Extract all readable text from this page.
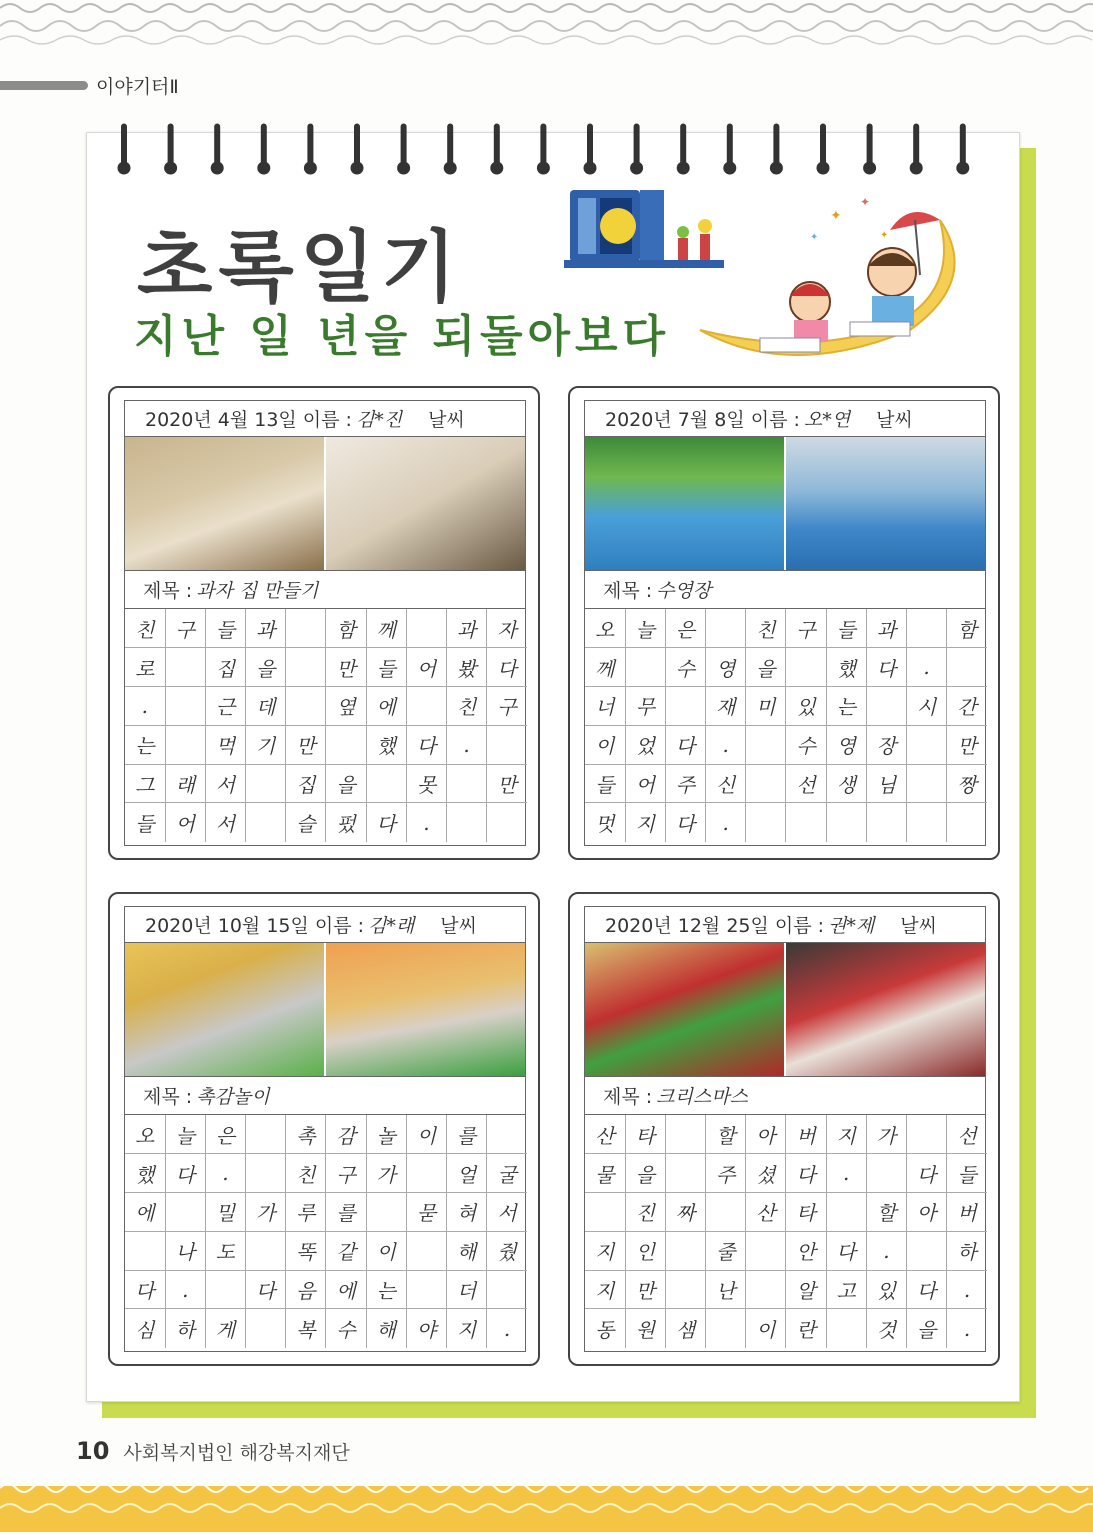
이야기터Ⅱ
초록일기
지난 일 년을 되돌아보다
✦
✦
✦	✦
2020년 4월 13일 이름 : 김*진 날씨
제목 : 과자 집 만들기
친	구	들	과		함	께		과	자
로		집	을		만	들	어	봤	다
.		근	데		옆	에		친	구
는		먹	기	만		했	다	.	
그	래	서		집	을		못		만
들	어	서		슬	펐	다	.		
2020년 7월 8일 이름 : 오*연 날씨
제목 : 수영장
오	늘	은		친	구	들	과		함
께		수	영	을		했	다	.	
너	무		재	미	있	는		시	간
이	었	다	.		수	영	장		만
들	어	주	신		선	생	님		짱
멋	지	다	.						
2020년 10월 15일 이름 : 김*래 날씨
제목 : 촉감놀이
오	늘	은		촉	감	놀	이	를	
했	다	.		친	구	가		얼	굴
에		밀	가	루	를		묻	혀	서
	나	도		똑	같	이		해	줬
다	.		다	음	에	는		더	
심	하	게		복	수	해	야	지	.
2020년 12월 25일 이름 : 권*제 날씨
제목 : 크리스마스
산	타		할	아	버	지	가		선
물	을		주	셨	다	.		다	들
	진	짜		산	타		할	아	버
지	인		줄		안	다	.		하
지	만		난		알	고	있	다	.
동	원	샘		이	란		것	을	.
10 사회복지법인 해강복지재단
